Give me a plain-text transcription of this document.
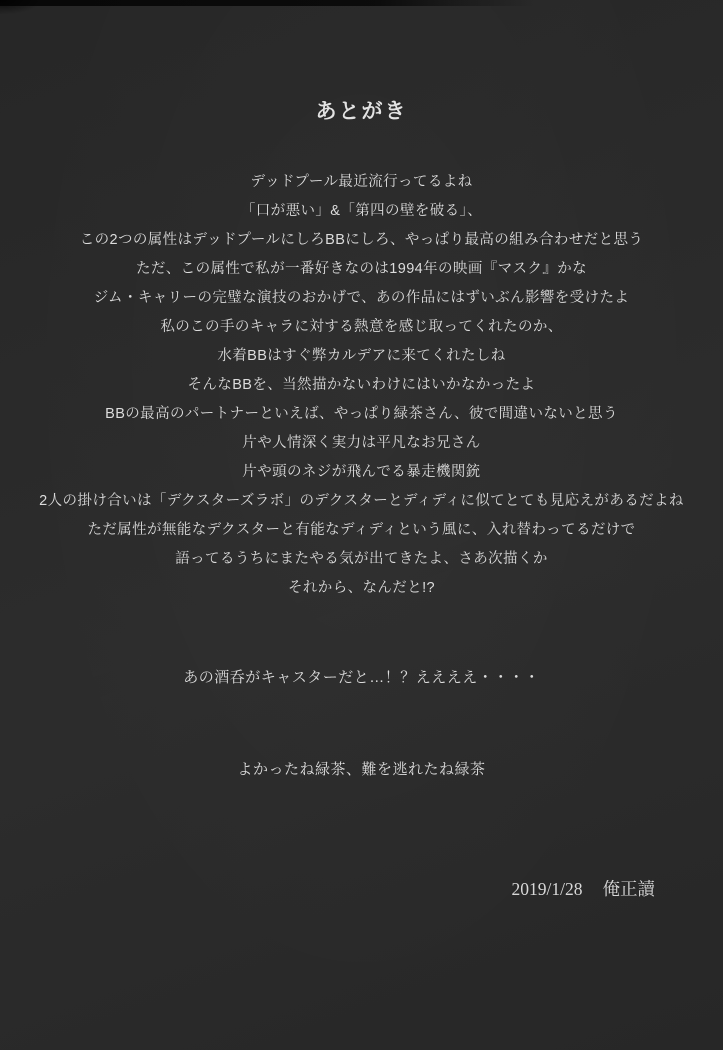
あとがき

デッドプール最近流行ってるよね

「口が悪い」&「第四の壁を破る」、

この2つの属性はデッドプールにしろBBにしろ、やっぱり最高の組み合わせだと思う

ただ、この属性で私が一番好きなのは1994年の映画『マスク』かな

ジム・キャリーの完璧な演技のおかげで、あの作品にはずいぶん影響を受けたよ

私のこの手のキャラに対する熱意を感じ取ってくれたのか、

水着BBはすぐ弊カルデアに来てくれたしね

そんなBBを、当然描かないわけにはいかなかったよ

BBの最高のパートナーといえば、やっぱり緑茶さん、彼で間違いないと思う

片や人情深く実力は平凡なお兄さん

片や頭のネジが飛んでる暴走機関銃

2人の掛け合いは「デクスターズラボ」のデクスターとディディに似てとても見応えがあるだよね

ただ属性が無能なデクスターと有能なディディという風に、入れ替わってるだけで

語ってるうちにまたやる気が出てきたよ、さあ次描くか

それから、なんだと!?

あの酒呑がキャスターだと…！？ええええ・・・・
よかったね緑茶、難を逃れたね緑茶
2019/1/28 俺正讀
